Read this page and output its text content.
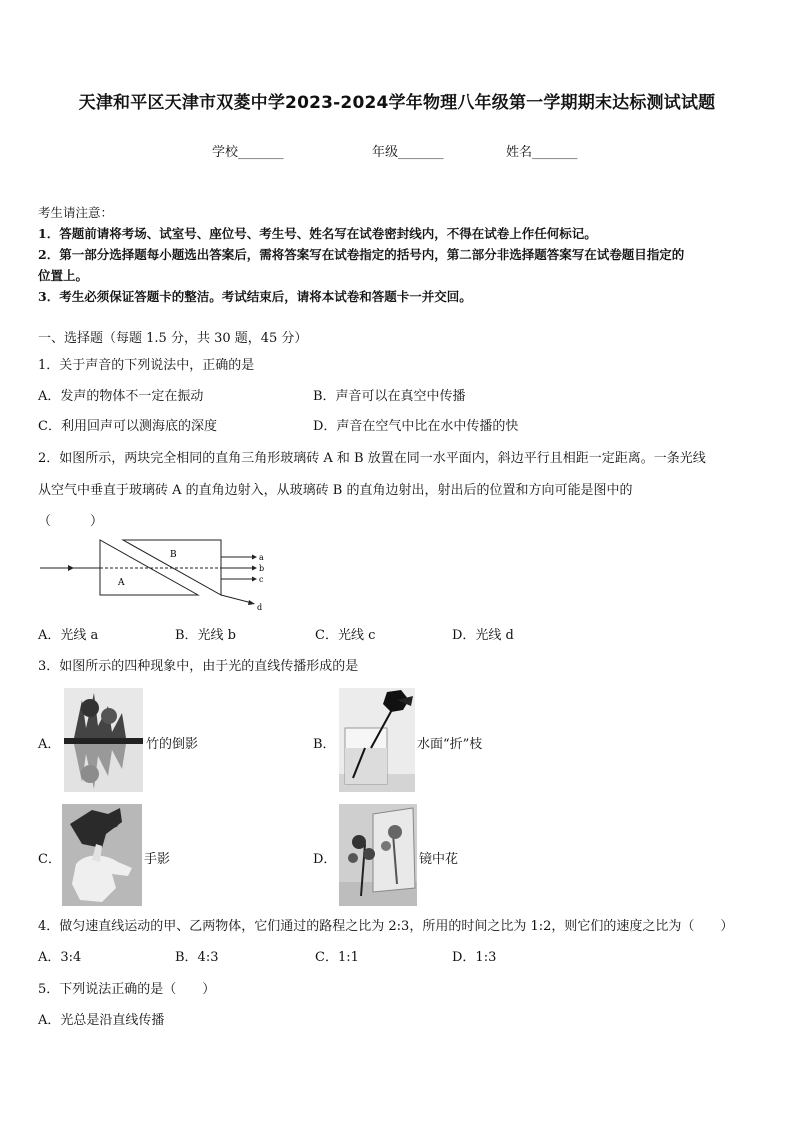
天津和平区天津市双菱中学2023-2024学年物理八年级第一学期期末达标测试试题
学校_______	年级_______	姓名_______
考生请注意：
1．答题前请将考场、试室号、座位号、考生号、姓名写在试卷密封线内，不得在试卷上作任何标记。
2．第一部分选择题每小题选出答案后，需将答案写在试卷指定的括号内，第二部分非选择题答案写在试卷题目指定的
位置上。
3．考生必须保证答题卡的整洁。考试结束后，请将本试卷和答题卡一并交回。
一、选择题（每题 1.5 分，共 30 题，45 分）
1．关于声音的下列说法中，正确的是
A．发声的物体不一定在振动	B．声音可以在真空中传播
C．利用回声可以测海底的深度	D．声音在空气中比在水中传播的快
2．如图所示，两块完全相同的直角三角形玻璃砖 A 和 B 放置在同一水平面内，斜边平行且相距一定距离。一条光线
从空气中垂直于玻璃砖 A 的直角边射入，从玻璃砖 B 的直角边射出，射出后的位置和方向可能是图中的
（　　　）
A
B	a
b
c
d
A．光线 a	B．光线 b	C．光线 c	D．光线 d
3．如图所示的四种现象中，由于光的直线传播形成的是
A．	竹的倒影	B．	水面“折”枝
C．	手影	D．	镜中花
4．做匀速直线运动的甲、乙两物体，它们通过的路程之比为 2:3，所用的时间之比为 1:2，则它们的速度之比为（　　）
A．3:4	B．4:3	C．1:1	D．1:3
5．下列说法正确的是（　　）
A．光总是沿直线传播
